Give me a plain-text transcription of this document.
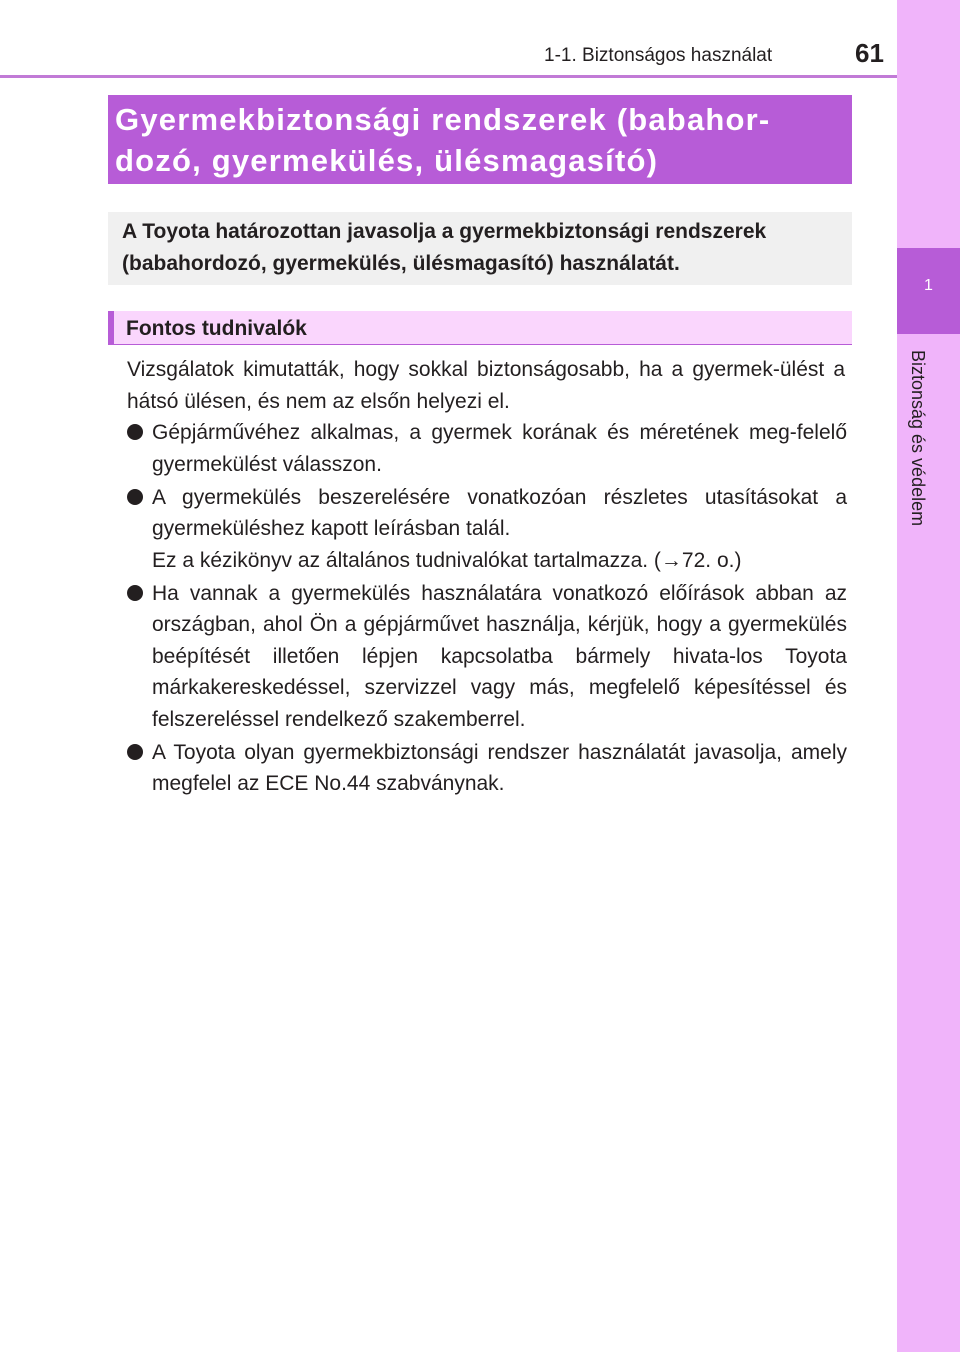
1-1. Biztonságos használat	61
1
Biztonság és védelem
Gyermekbiztonsági rendszerek (babahor-
dozó, gyermekülés, ülésmagasító)
A Toyota határozottan javasolja a gyermekbiztonsági rendszerek (babahordozó, gyermekülés, ülésmagasító) használatát.
Fontos tudnivalók
Vizsgálatok kimutatták, hogy sokkal biztonságosabb, ha a gyermek-ülést a hátsó ülésen, és nem az elsőn helyezi el.
Gépjárművéhez alkalmas, a gyermek korának és méretének meg-felelő gyermekülést válasszon.
A gyermekülés beszerelésére vonatkozóan részletes utasításokat a gyermeküléshez kapott leírásban talál.
Ez a kézikönyv az általános tudnivalókat tartalmazza. (→72. o.)
Ha vannak a gyermekülés használatára vonatkozó előírások abban az országban, ahol Ön a gépjárművet használja, kérjük, hogy a gyermekülés beépítését illetően lépjen kapcsolatba bármely hivata-los Toyota márkakereskedéssel, szervizzel vagy más, megfelelő képesítéssel és felszereléssel rendelkező szakemberrel.
A Toyota olyan gyermekbiztonsági rendszer használatát javasolja, amely megfelel az ECE No.44 szabványnak.
